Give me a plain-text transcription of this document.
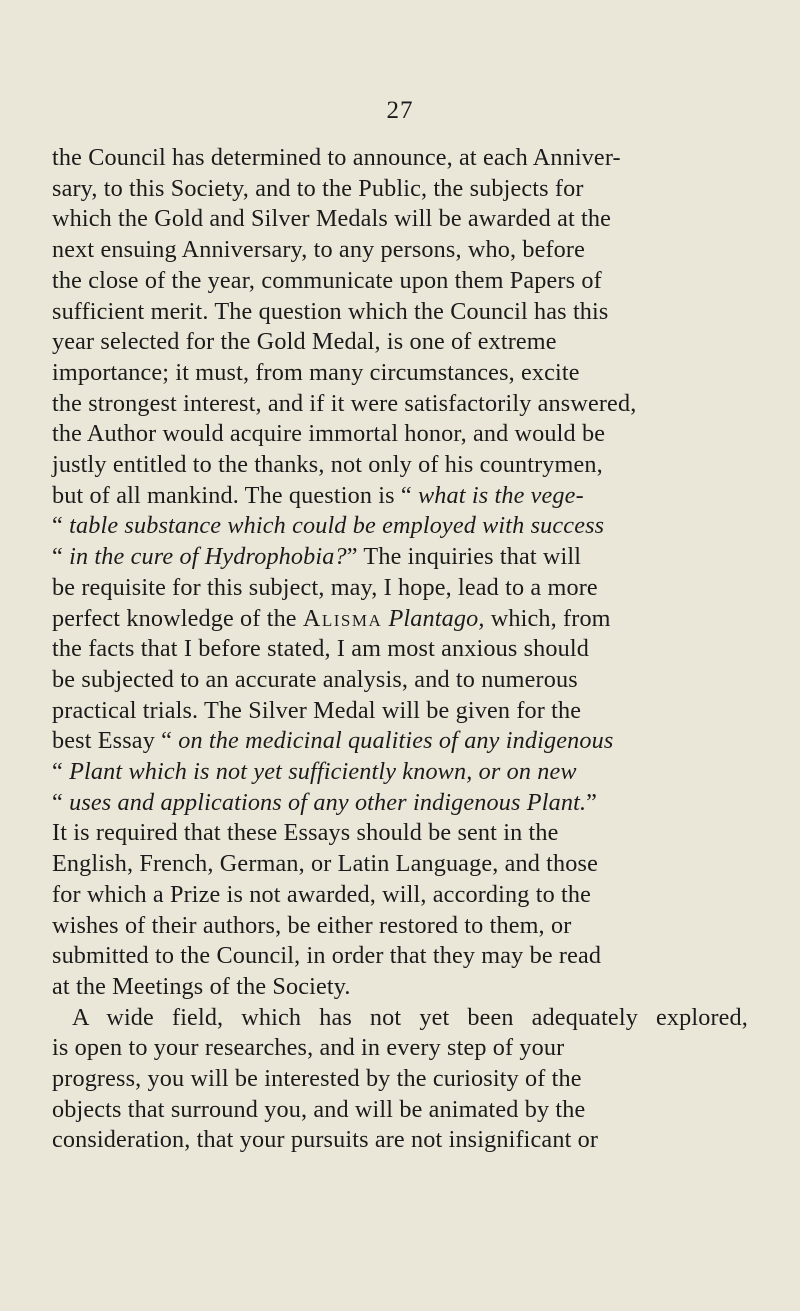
27
the Council has determined to announce, at each Anniver-
sary, to this Society, and to the Public, the subjects for
which the Gold and Silver Medals will be awarded at the
next ensuing Anniversary, to any persons, who, before
the close of the year, communicate upon them Papers of
sufficient merit. The question which the Council has this
year selected for the Gold Medal, is one of extreme
importance; it must, from many circumstances, excite
the strongest interest, and if it were satisfactorily answered,
the Author would acquire immortal honor, and would be
justly entitled to the thanks, not only of his countrymen,
but of all mankind. The question is “ what is the vege-
“ table substance which could be employed with success
“ in the cure of Hydrophobia?” The inquiries that will
be requisite for this subject, may, I hope, lead to a more
perfect knowledge of the Alisma Plantago, which, from
the facts that I before stated, I am most anxious should
be subjected to an accurate analysis, and to numerous
practical trials. The Silver Medal will be given for the
best Essay “ on the medicinal qualities of any indigenous
“ Plant which is not yet sufficiently known, or on new
“ uses and applications of any other indigenous Plant.”
It is required that these Essays should be sent in the
English, French, German, or Latin Language, and those
for which a Prize is not awarded, will, according to the
wishes of their authors, be either restored to them, or
submitted to the Council, in order that they may be read
at the Meetings of the Society.
A wide field, which has not yet been adequately explored,
is open to your researches, and in every step of your
progress, you will be interested by the curiosity of the
objects that surround you, and will be animated by the
consideration, that your pursuits are not insignificant or
